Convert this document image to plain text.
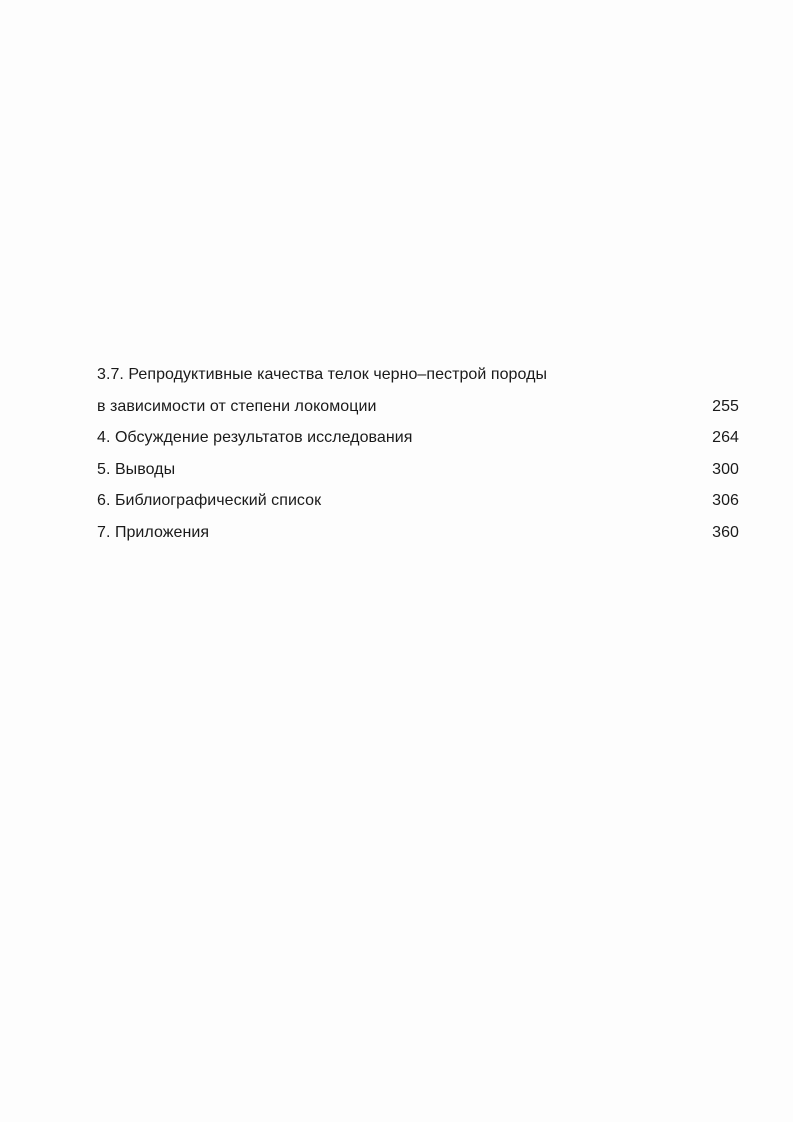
3.7. Репродуктивные качества телок черно–пестрой породы
в зависимости от степени локомоции	255
4. Обсуждение результатов исследования	264
5. Выводы	300
6. Библиографический список	306
7. Приложения	360
